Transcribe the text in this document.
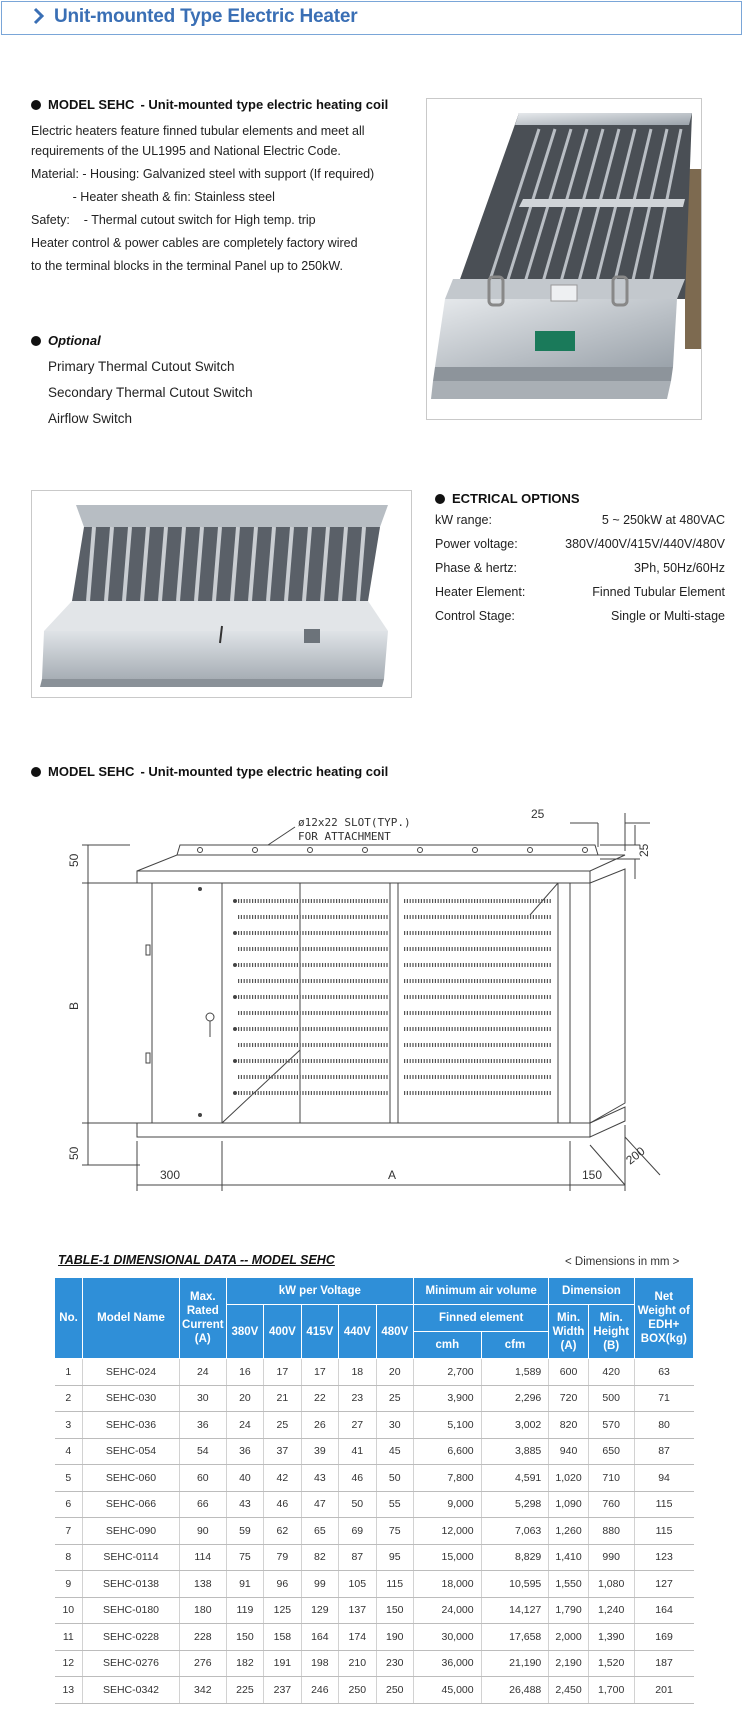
Unit-mounted Type Electric Heater
MODEL SEHC - Unit-mounted type electric heating coil
Electric heaters feature finned tubular elements and meet all
requirements of the UL1995 and National Electric Code.
Material: - Housing: Galvanized steel with support (If required)
- Heater sheath & fin: Stainless steel
Safety:    - Thermal cutout switch for High temp. trip
Heater control & power cables are completely factory wired
to the terminal blocks in the terminal Panel up to 250kW.
Optional
Primary Thermal Cutout Switch
Secondary Thermal Cutout Switch
Airflow Switch
ECTRICAL OPTIONS
kW range:	5 ~ 250kW at 480VAC
Power voltage:	380V/400V/415V/440V/480V
Phase & hertz:	3Ph, 50Hz/60Hz
Heater Element:	Finned Tubular Element
Control Stage:	Single or Multi-stage
MODEL SEHC - Unit-mounted type electric heating coil
ø12x22 SLOT(TYP.)
FOR ATTACHMENT
25
25
50
B
50
300	A	150
200
TABLE-1 DIMENSIONAL DATA -- MODEL SEHC	< Dimensions in mm >
No.	Model Name	Max. Rated Current (A)	kW per Voltage					Minimum air volume		Dimension		Net Weight of EDH+ BOX(kg)
			380V	400V	415V	440V	480V	Finned element		Min. Width (A)	Min. Height (B)	
								cmh	cfm			
1	SEHC-024	24	16	17	17	18	20	2,700	1,589	600	420	63
2	SEHC-030	30	20	21	22	23	25	3,900	2,296	720	500	71
3	SEHC-036	36	24	25	26	27	30	5,100	3,002	820	570	80
4	SEHC-054	54	36	37	39	41	45	6,600	3,885	940	650	87
5	SEHC-060	60	40	42	43	46	50	7,800	4,591	1,020	710	94
6	SEHC-066	66	43	46	47	50	55	9,000	5,298	1,090	760	115
7	SEHC-090	90	59	62	65	69	75	12,000	7,063	1,260	880	115
8	SEHC-0114	114	75	79	82	87	95	15,000	8,829	1,410	990	123
9	SEHC-0138	138	91	96	99	105	115	18,000	10,595	1,550	1,080	127
10	SEHC-0180	180	119	125	129	137	150	24,000	14,127	1,790	1,240	164
11	SEHC-0228	228	150	158	164	174	190	30,000	17,658	2,000	1,390	169
12	SEHC-0276	276	182	191	198	210	230	36,000	21,190	2,190	1,520	187
13	SEHC-0342	342	225	237	246	250	250	45,000	26,488	2,450	1,700	201
